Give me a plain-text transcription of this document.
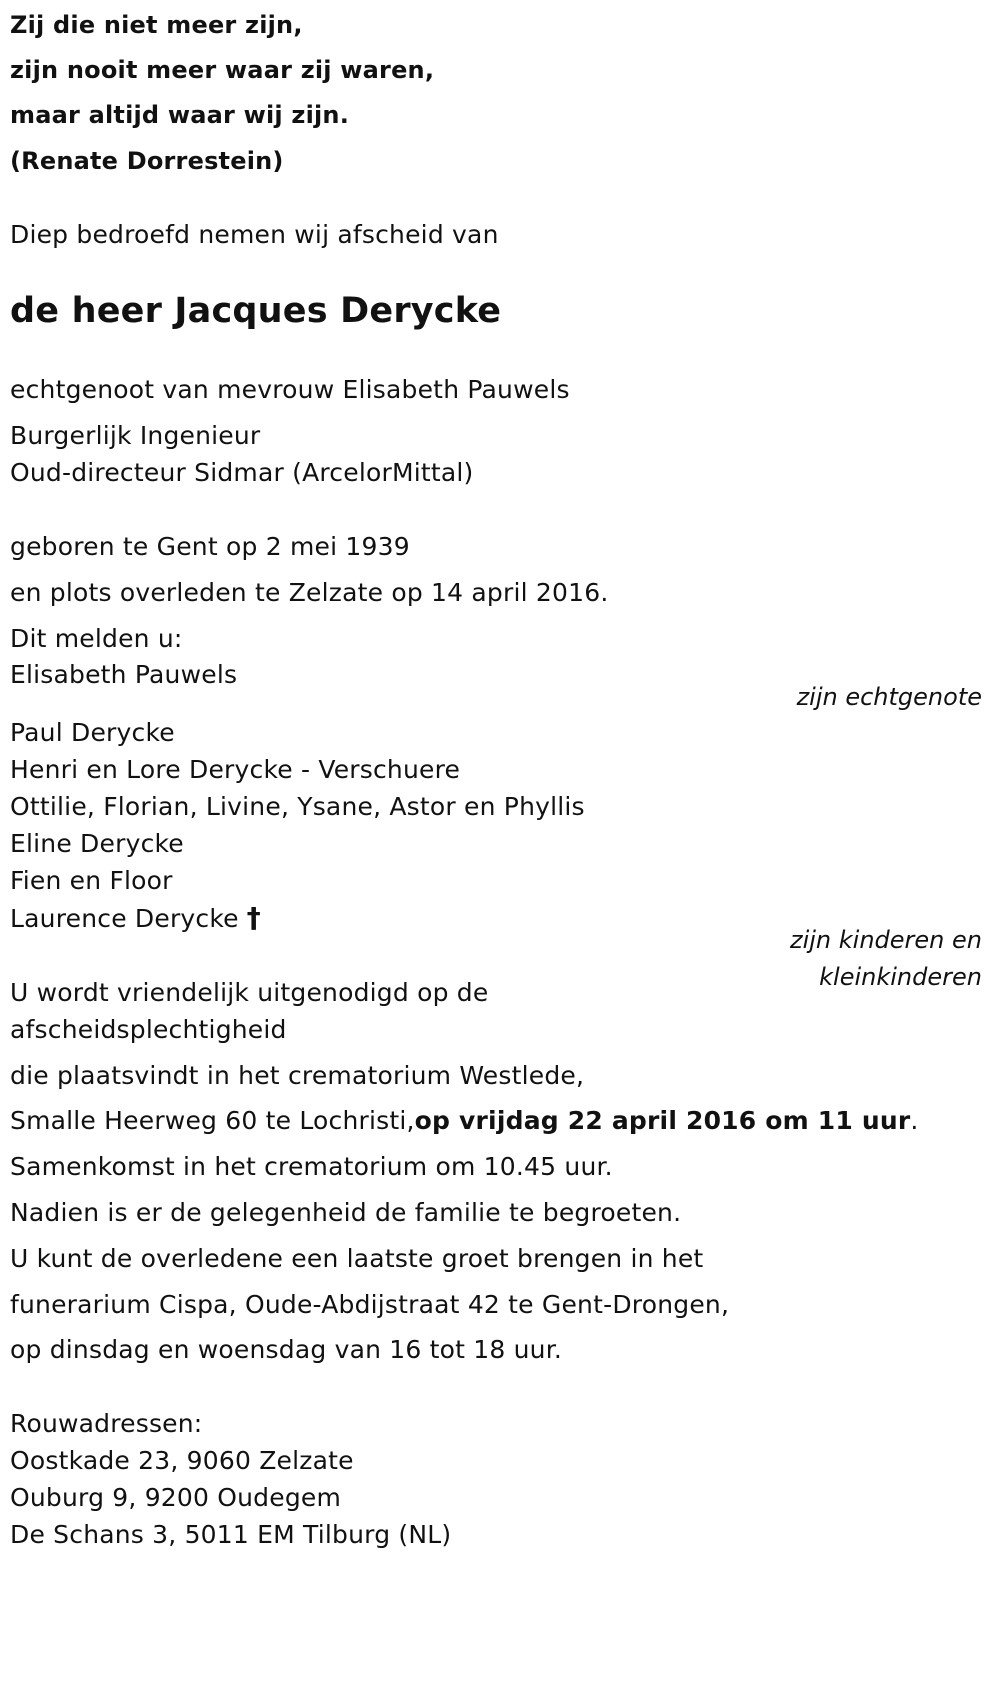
Zij die niet meer zijn,
zijn nooit meer waar zij waren,
maar altijd waar wij zijn.
(Renate Dorrestein)
Diep bedroefd nemen wij afscheid van
de heer Jacques Derycke
echtgenoot van mevrouw Elisabeth Pauwels
Burgerlijk Ingenieur
Oud-directeur Sidmar (ArcelorMittal)
geboren te Gent op 2 mei 1939
en plots overleden te Zelzate op 14 april 2016.
Dit melden u:
Elisabeth Pauwels
zijn echtgenote
Paul Derycke
Henri en Lore Derycke - Verschuere
Ottilie, Florian, Livine, Ysane, Astor en Phyllis
Eline Derycke
Fien en Floor
Laurence Derycke †
zijn kinderen en
kleinkinderen
U wordt vriendelijk uitgenodigd op de
afscheidsplechtigheid
die plaatsvindt in het crematorium Westlede,
Smalle Heerweg 60 te Lochristi,op vrijdag 22 april 2016 om 11 uur.
Samenkomst in het crematorium om 10.45 uur.
Nadien is er de gelegenheid de familie te begroeten.
U kunt de overledene een laatste groet brengen in het
funerarium Cispa, Oude-Abdijstraat 42 te Gent-Drongen,
op dinsdag en woensdag van 16 tot 18 uur.
Rouwadressen:
Oostkade 23, 9060 Zelzate
Ouburg 9, 9200 Oudegem
De Schans 3, 5011 EM Tilburg (NL)
